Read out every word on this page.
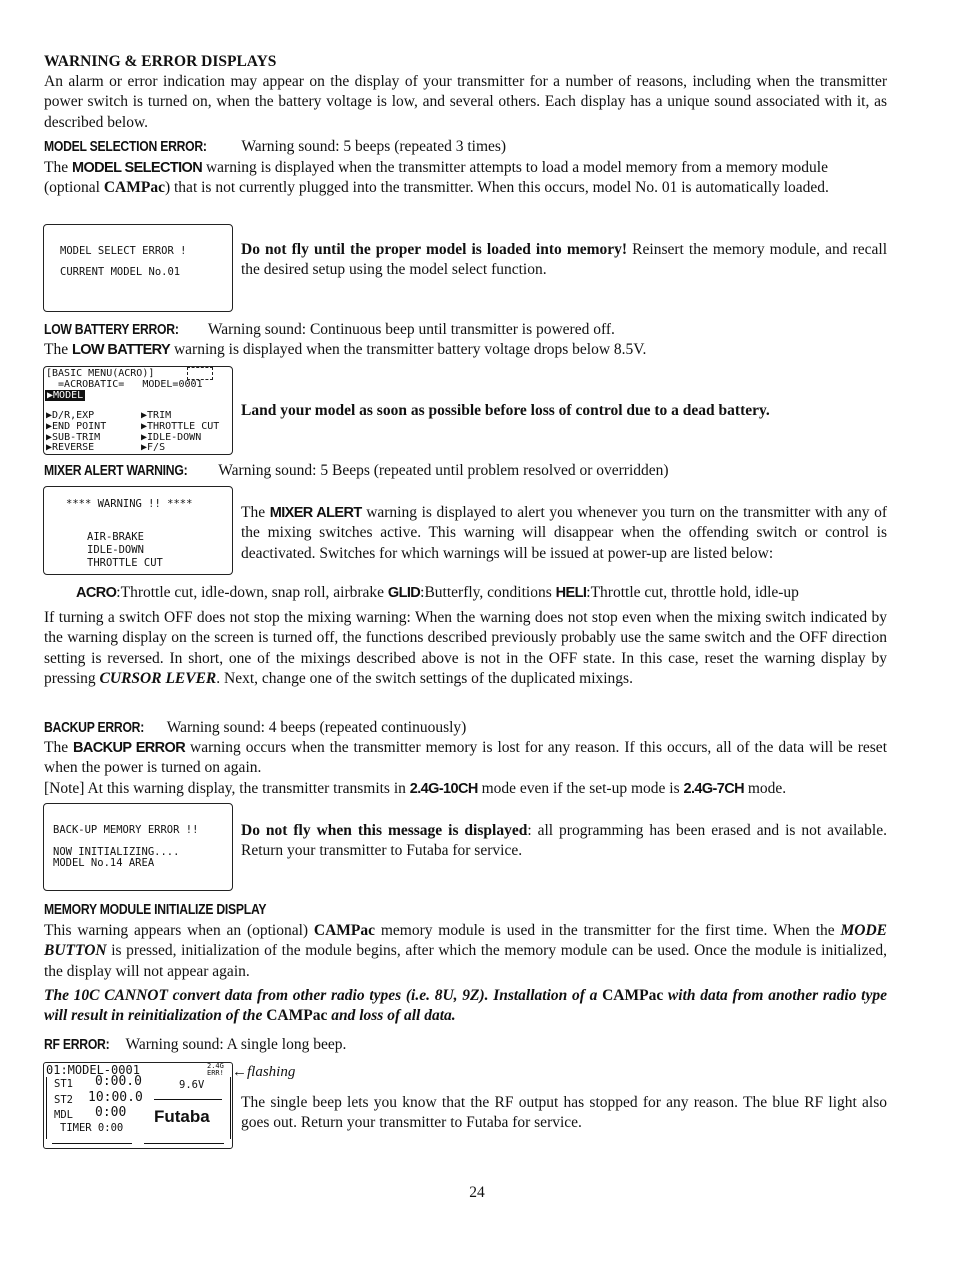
WARNING & ERROR DISPLAYS
An alarm or error indication may appear on the display of your transmitter for a number of reasons, including when the transmitter power switch is turned on, when the battery voltage is low, and several others. Each display has a unique sound associated with it, as described below.
MODEL SELECTION ERROR: Warning sound: 5 beeps (repeated 3 times)
The MODEL SELECTION warning is displayed when the transmitter attempts to load a model memory from a memory module (optional CAMPac) that is not currently plugged into the transmitter. When this occurs, model No. 01 is automatically loaded.

MODEL SELECT ERROR !

CURRENT MODEL No.01

Do not fly until the proper model is loaded into memory! Reinsert the memory module, and recall the desired setup using the model select function.
LOW BATTERY ERROR: Warning sound: Continuous beep until transmitter is powered off.
The LOW BATTERY warning is displayed when the transmitter battery voltage drops below 8.5V.

[BASIC MENU(ACRO)]

=ACROBATIC=   MODEL=0001

▶MODEL

▶D/R,EXP

	▶TRIM

▶END POINT

	▶THROTTLE CUT

▶SUB-TRIM

	▶IDLE-DOWN

▶REVERSE

	▶F/S

Land your model as soon as possible before loss of control due to a dead battery.
MIXER ALERT WARNING: Warning sound: 5 Beeps (repeated until problem resolved or overridden)

**** WARNING !! ****

AIR-BRAKE

IDLE-DOWN

THROTTLE CUT

The MIXER ALERT warning is displayed to alert you whenever you turn on the transmitter with any of the mixing switches active. This warning will disappear when the offending switch or control is deactivated. Switches for which warnings will be issued at power-up are listed below:
ACRO:Throttle cut, idle-down, snap roll, airbrake GLID:Butterfly, conditions HELI:Throttle cut, throttle hold, idle-up
If turning a switch OFF does not stop the mixing warning: When the warning does not stop even when the mixing switch indicated by the warning display on the screen is turned off, the functions described previously probably use the same switch and the OFF direction setting is reversed. In short, one of the mixings described above is not in the OFF state. In this case, reset the warning display by pressing CURSOR LEVER. Next, change one of the switch settings of the duplicated mixings.
BACKUP ERROR: Warning sound: 4 beeps (repeated continuously)
The BACKUP ERROR warning occurs when the transmitter memory is lost for any reason. If this occurs, all of the data will be reset when the power is turned on again.
[Note] At this warning display, the transmitter transmits in 2.4G-10CH mode even if the set-up mode is 2.4G-7CH mode.

BACK-UP MEMORY ERROR !!

NOW INITIALIZING....

MODEL No.14 AREA

Do not fly when this message is displayed: all programming has been erased and is not available. Return your transmitter to Futaba for service.
MEMORY MODULE INITIALIZE DISPLAY
This warning appears when an (optional) CAMPac memory module is used in the transmitter for the first time. When the MODE BUTTON is pressed, initialization of the module begins, after which the memory module can be used. Once the module is initialized, the display will not appear again.
The 10C CANNOT convert data from other radio types (i.e. 8U, 9Z). Installation of a CAMPac with data from another radio type will result in reinitialization of the CAMPac and loss of all data.
RF ERROR: Warning sound: A single long beep.

01:MODEL-0001

	2.4G
ERR!

ST1

0:00.0

	9.6V

ST2

10:00.0

MDL

0:00

Futaba

TIMER 0:00

←flashing
The single beep lets you know that the RF output has stopped for any reason. The blue RF light also goes out. Return your transmitter to Futaba for service.
24
